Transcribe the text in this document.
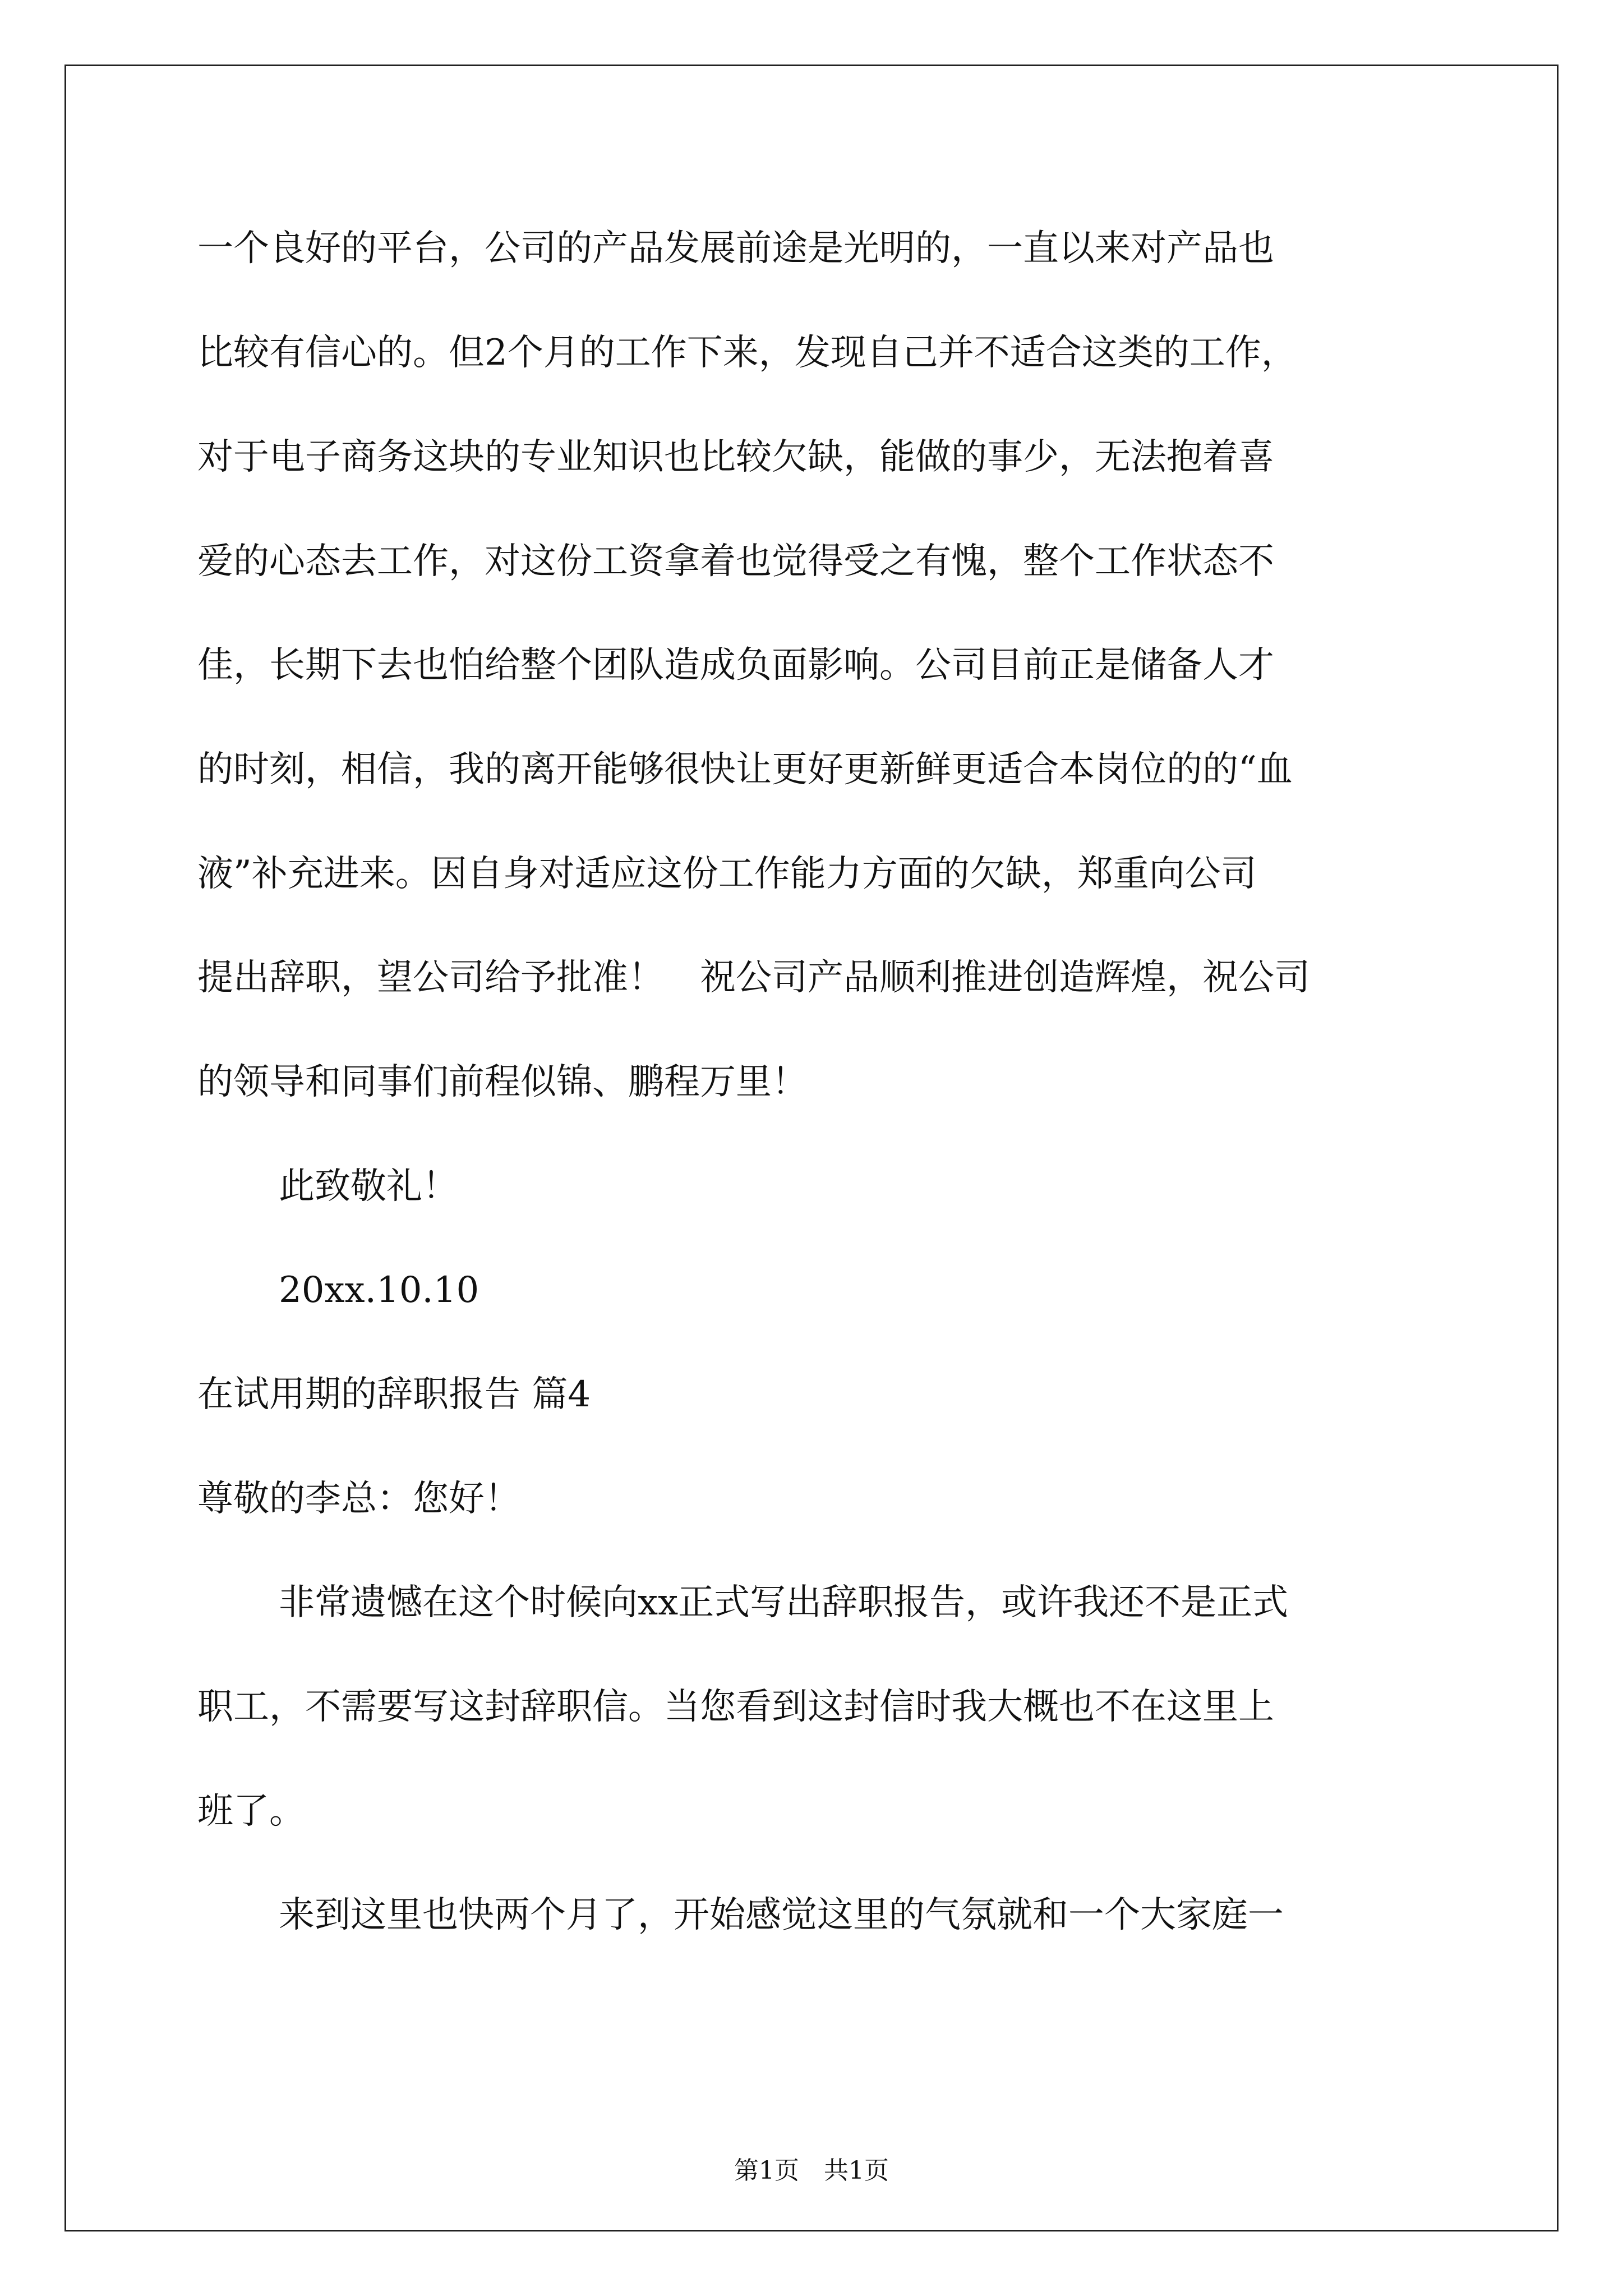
一个良好的平台，公司的产品发展前途是光明的，一直以来对产品也
比较有信心的。但2个月的工作下来，发现自己并不适合这类的工作，
对于电子商务这块的专业知识也比较欠缺，能做的事少，无法抱着喜
爱的心态去工作，对这份工资拿着也觉得受之有愧，整个工作状态不
佳，长期下去也怕给整个团队造成负面影响。公司目前正是储备人才
的时刻，相信，我的离开能够很快让更好更新鲜更适合本岗位的的“血
液”补充进来。因自身对适应这份工作能力方面的欠缺，郑重向公司
提出辞职，望公司给予批准！　祝公司产品顺利推进创造辉煌，祝公司
的领导和同事们前程似锦、鹏程万里！
此致敬礼！
20xx.10.10
在试用期的辞职报告 篇4
尊敬的李总：您好！
非常遗憾在这个时候向xx正式写出辞职报告，或许我还不是正式
职工，不需要写这封辞职信。当您看到这封信时我大概也不在这里上
班了。
来到这里也快两个月了，开始感觉这里的气氛就和一个大家庭一
第1页　共1页
